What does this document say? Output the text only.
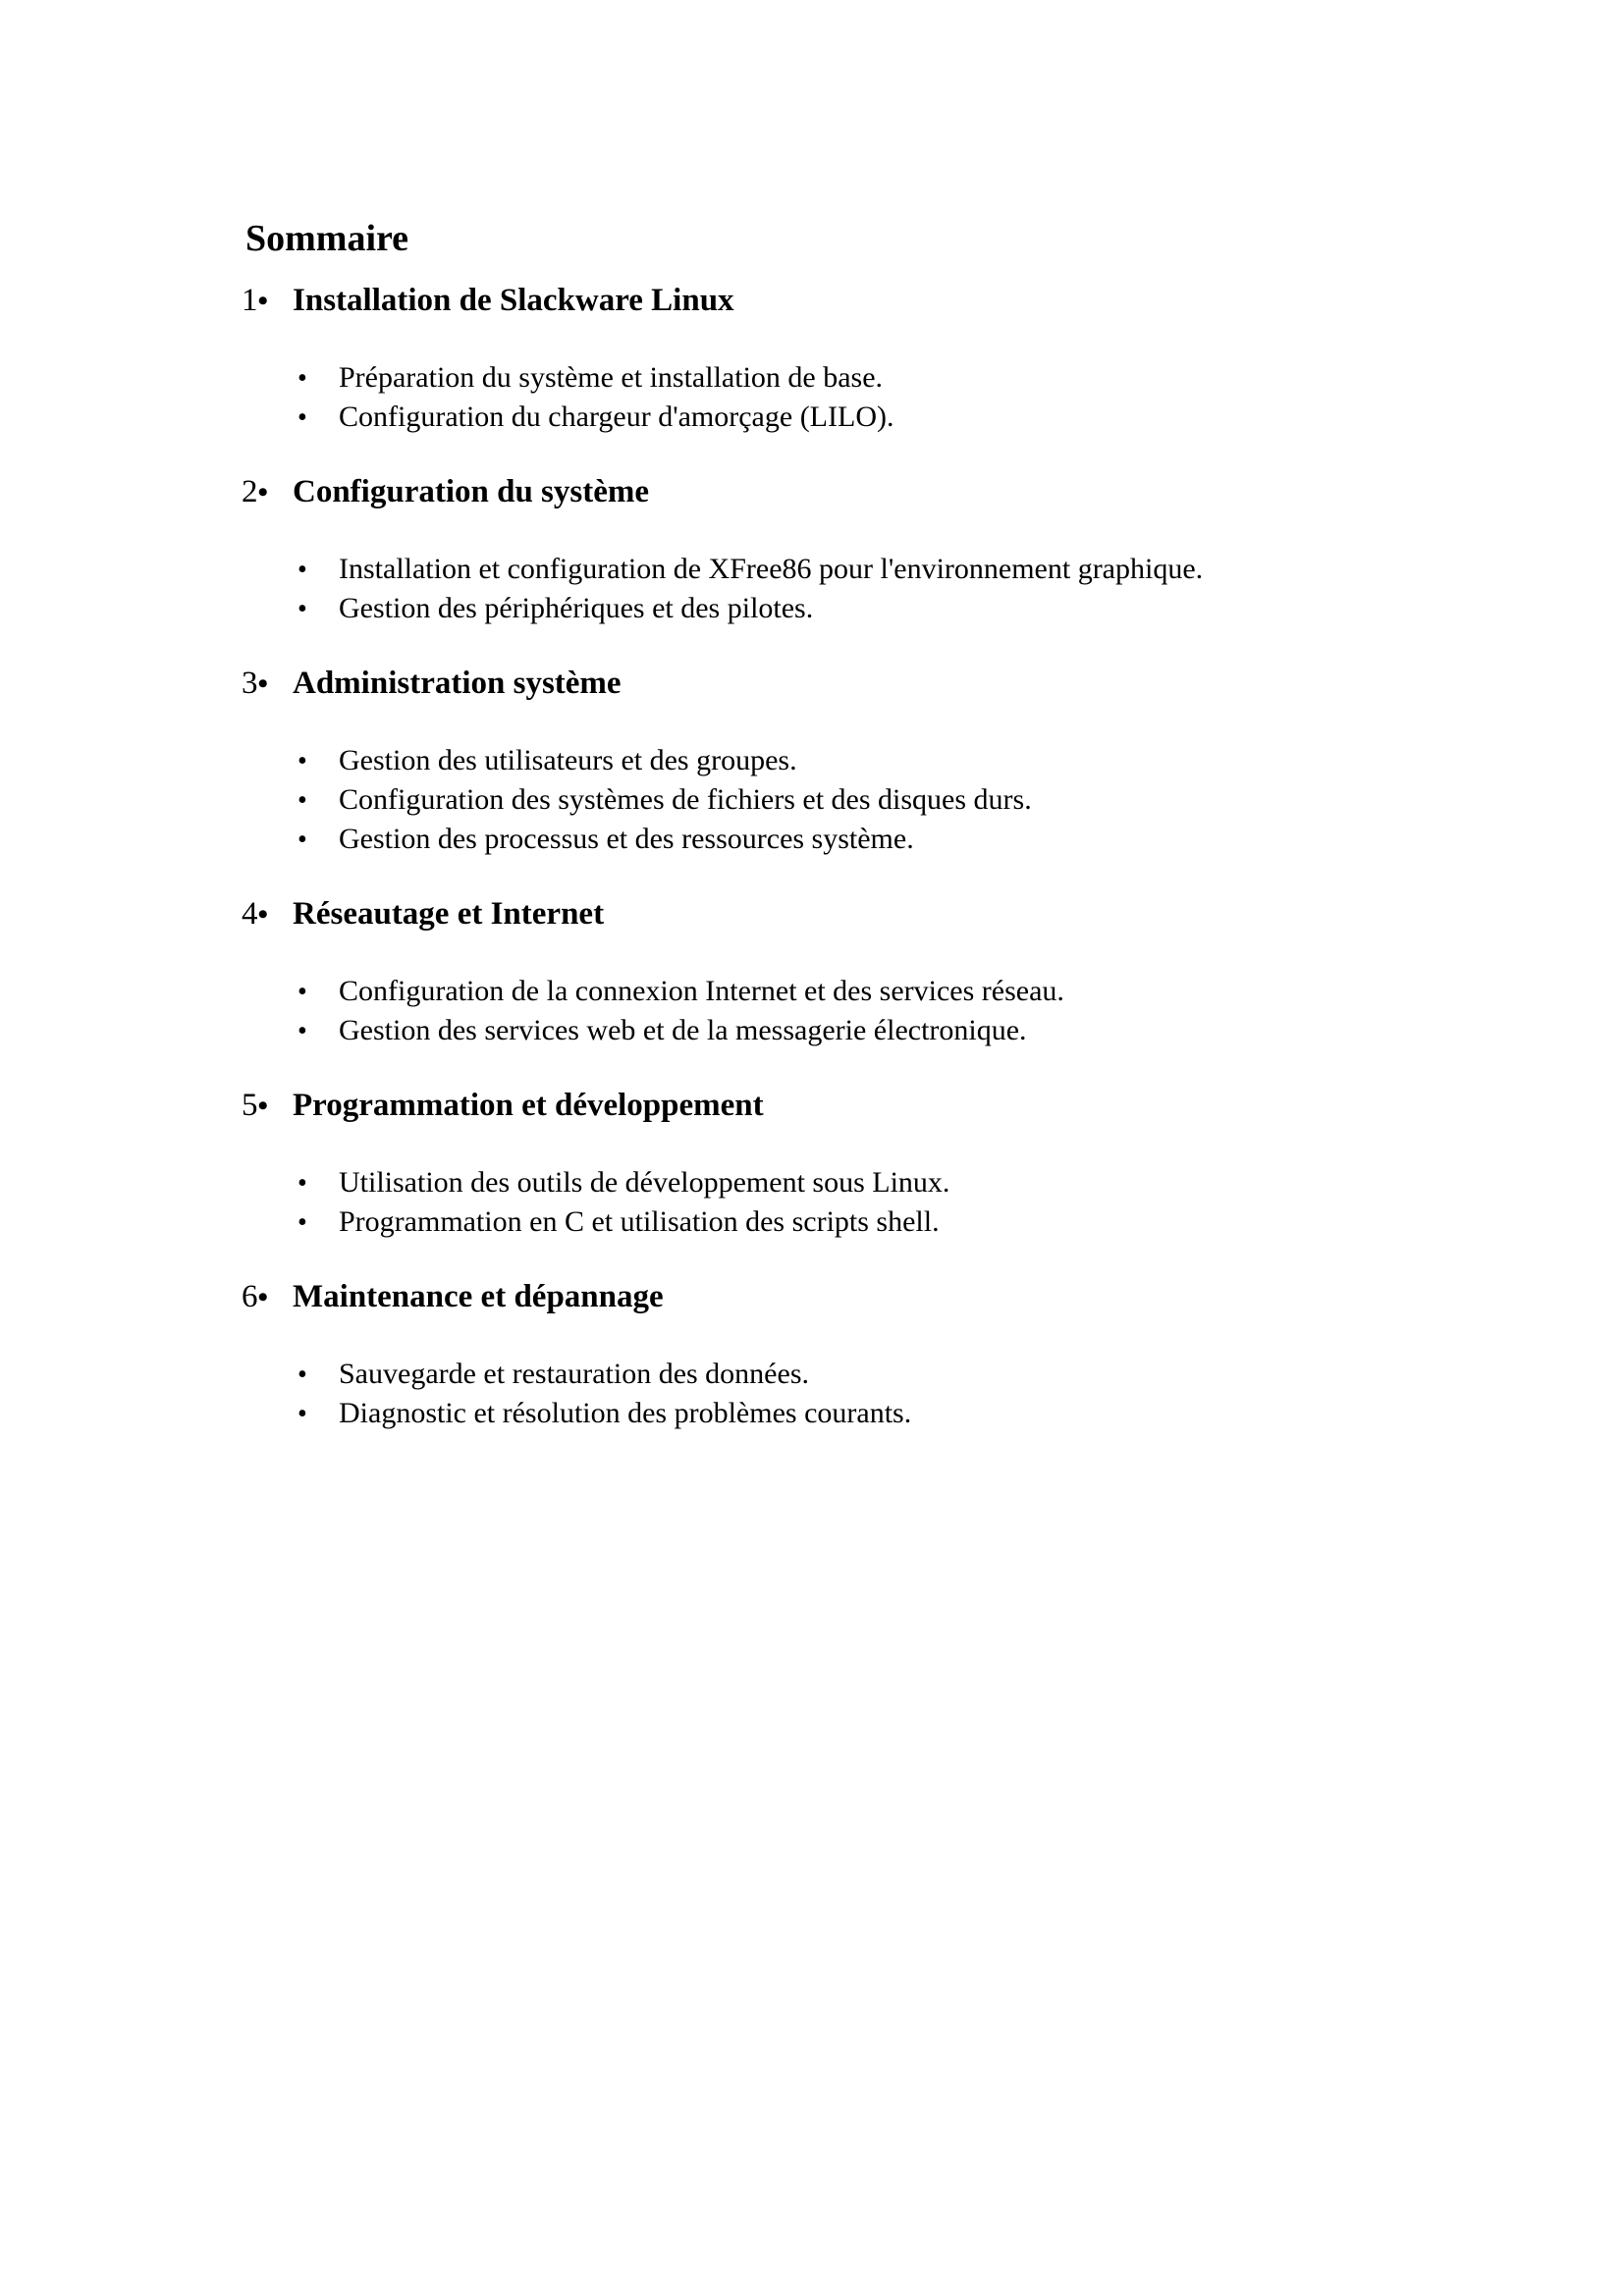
Sommaire
1• Installation de Slackware Linux
• Préparation du système et installation de base.
• Configuration du chargeur d'amorçage (LILO).
2• Configuration du système
• Installation et configuration de XFree86 pour l'environnement graphique.
• Gestion des périphériques et des pilotes.
3• Administration système
• Gestion des utilisateurs et des groupes.
• Configuration des systèmes de fichiers et des disques durs.
• Gestion des processus et des ressources système.
4• Réseautage et Internet
• Configuration de la connexion Internet et des services réseau.
• Gestion des services web et de la messagerie électronique.
5• Programmation et développement
• Utilisation des outils de développement sous Linux.
• Programmation en C et utilisation des scripts shell.
6• Maintenance et dépannage
• Sauvegarde et restauration des données.
• Diagnostic et résolution des problèmes courants.
